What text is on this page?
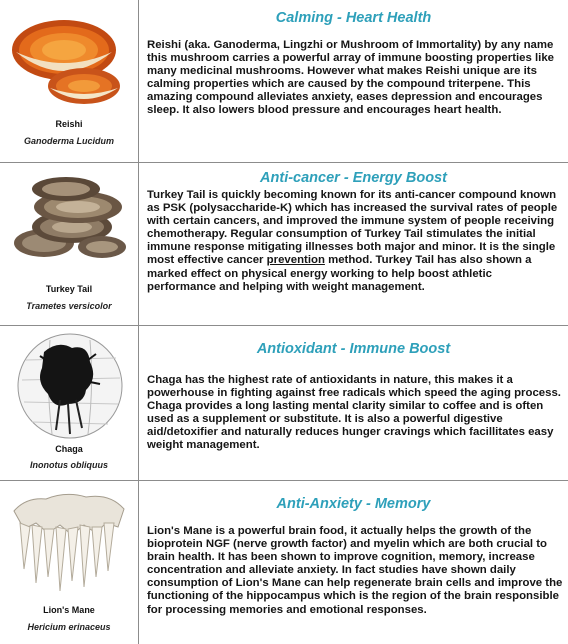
Reishi
Ganoderma Lucidum
Calming - Heart Health
Reishi (aka. Ganoderma, Lingzhi or Mushroom of Immortality) by any name this mushroom carries a powerful array of immune boosting properties like many medicinal mushrooms. However what makes Reishi unique are its calming properties which are caused by the compound triterpene. This amazing compound alleviates anxiety, eases depression and encourages sleep. It also lowers blood pressure and encourages heart health.
Turkey Tail
Trametes versicolor
Anti-cancer - Energy Boost
Turkey Tail is quickly becoming known for its anti-cancer compound known as PSK (polysaccharide-K) which has increased the survival rates of people with certain cancers, and improved the immune system of people receiving chemotherapy. Regular consumption of Turkey Tail stimulates the initial immune response mitigating illnesses both major and minor. It is the single most effective cancer prevention method. Turkey Tail has also shown a marked effect on physical energy working to help boost athletic performance and helping with weight management.
Chaga
Inonotus obliquus
Antioxidant - Immune Boost
Chaga has the highest rate of antioxidants in nature, this makes it a powerhouse in fighting against free radicals which speed the aging process. Chaga provides a long lasting mental clarity similar to coffee and is often used as a supplement or substitute. It is also a powerful digestive aid/detoxifier and naturally reduces hunger cravings which facillitates easy weight management.
Lion's Mane
Hericium erinaceus
Anti-Anxiety - Memory
Lion's Mane is a powerful brain food, it actually helps the growth of the bioprotein NGF (nerve growth factor) and myelin which are both crucial to brain health. It has been shown to improve cognition, memory, increase concentration and alleviate anxiety. In fact studies have shown daily consumption of Lion's Mane can help regenerate brain cells and improve the functioning of the hippocampus which is the region of the brain responsible for processing memories and emotional responses.
